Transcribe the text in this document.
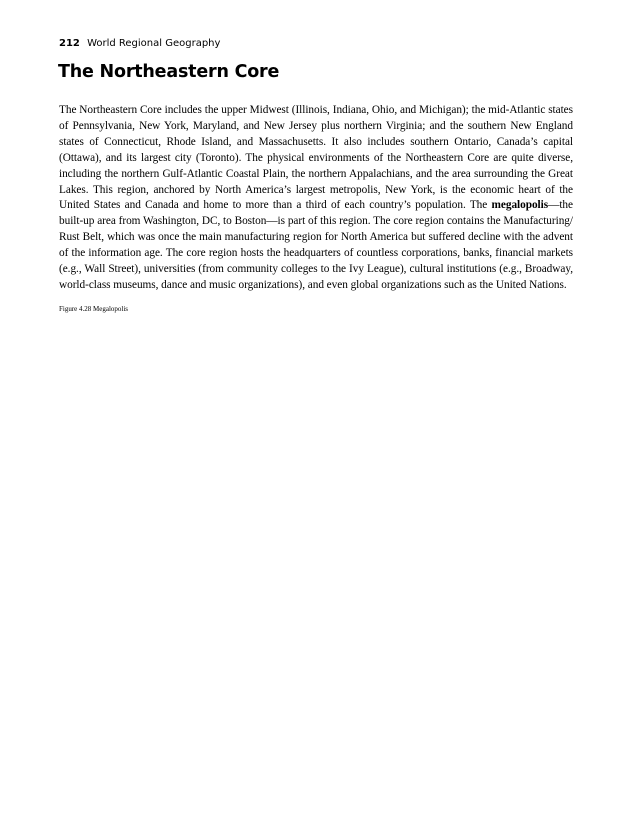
212 World Regional Geography
The Northeastern Core

The Northeastern Core includes the upper Midwest (Illinois, Indiana, Ohio, and Michigan); the mid-Atlantic states of Pennsylvania, New York, Maryland, and New Jersey plus northern Virginia; and the southern New England states of Connecticut, Rhode Island, and Massachusetts. It also includes southern Ontario, Canada’s capital (Ottawa), and its largest city (Toronto). The physical environments of the Northeastern Core are quite diverse, including the northern Gulf-Atlantic Coastal Plain, the northern Appalachians, and the area surrounding the Great Lakes. This region, anchored by North America’s largest metropolis, New York, is the economic heart of the United States and Canada and home to more than a third of each country’s population. The megalopolis—the built-up area from Washington, DC, to Boston—is part of this region. The core region contains the Manufacturing/ Rust Belt, which was once the main manufacturing region for North America but suffered decline with the advent of the information age. The core region hosts the headquarters of countless corporations, banks, financial markets (e.g., Wall Street), universities (from community colleges to the Ivy League), cultural institutions (e.g., Broadway, world-class museums, dance and music organizations), and even global organizations such as the United Nations.

Figure 4.28 Megalopolis
